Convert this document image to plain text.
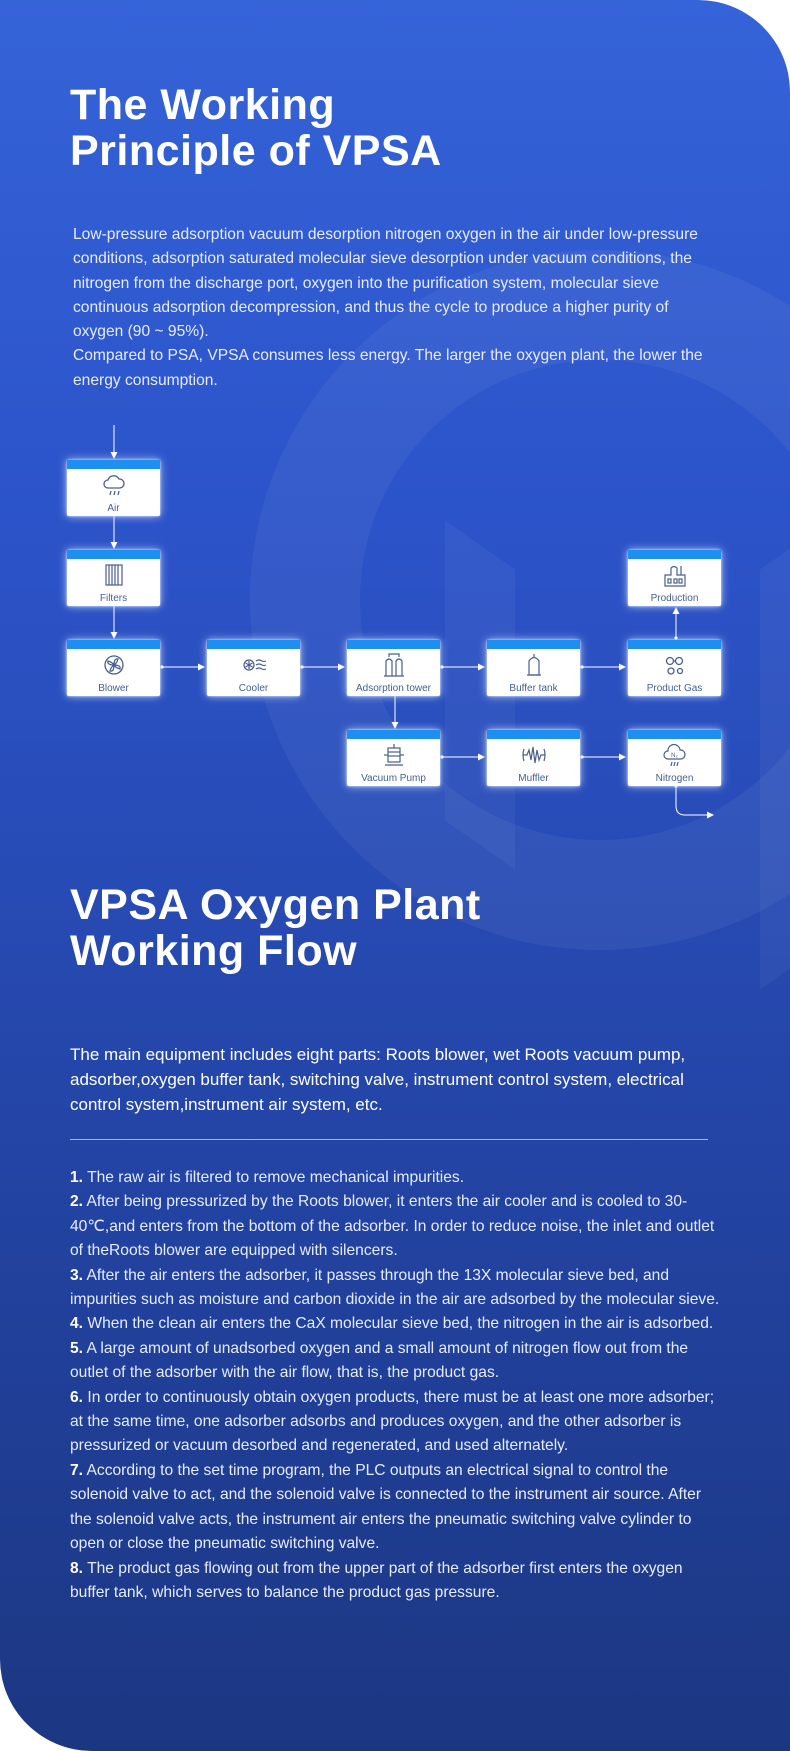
The Working
Principle of VPSA

Low-pressure adsorption vacuum desorption nitrogen oxygen in the air under low-pressure conditions, adsorption saturated molecular sieve desorption under vacuum conditions, the nitrogen from the discharge port, oxygen into the purification system, molecular sieve continuous adsorption decompression, and thus the cycle to produce a higher purity of oxygen (90 ~ 95%).

Compared to PSA, VPSA consumes less energy. The larger the oxygen plant, the lower the energy consumption.

Air
Filters
Blower	Cooler	Adsorption tower	Buffer tank	Product Gas
Production
Vacuum Pump	Muffler
N₂
Nitrogen
VPSA Oxygen Plant
Working Flow

The main equipment includes eight parts: Roots blower, wet Roots vacuum pump, adsorber,oxygen buffer tank, switching valve, instrument control system, electrical control system,instrument air system, etc.

1. The raw air is filtered to remove mechanical impurities.

2. After being pressurized by the Roots blower, it enters the air cooler and is cooled to 30-40℃,and enters from the bottom of the adsorber. In order to reduce noise, the inlet and outlet of theRoots blower are equipped with silencers.

3. After the air enters the adsorber, it passes through the 13X molecular sieve bed, and impurities such as moisture and carbon dioxide in the air are adsorbed by the molecular sieve.

4. When the clean air enters the CaX molecular sieve bed, the nitrogen in the air is adsorbed.

5. A large amount of unadsorbed oxygen and a small amount of nitrogen flow out from the outlet of the adsorber with the air flow, that is, the product gas.

6. In order to continuously obtain oxygen products, there must be at least one more adsorber; at the same time, one adsorber adsorbs and produces oxygen, and the other adsorber is pressurized or vacuum desorbed and regenerated, and used alternately.

7. According to the set time program, the PLC outputs an electrical signal to control the solenoid valve to act, and the solenoid valve is connected to the instrument air source. After the solenoid valve acts, the instrument air enters the pneumatic switching valve cylinder to open or close the pneumatic switching valve.

8. The product gas flowing out from the upper part of the adsorber first enters the oxygen buffer tank, which serves to balance the product gas pressure.
